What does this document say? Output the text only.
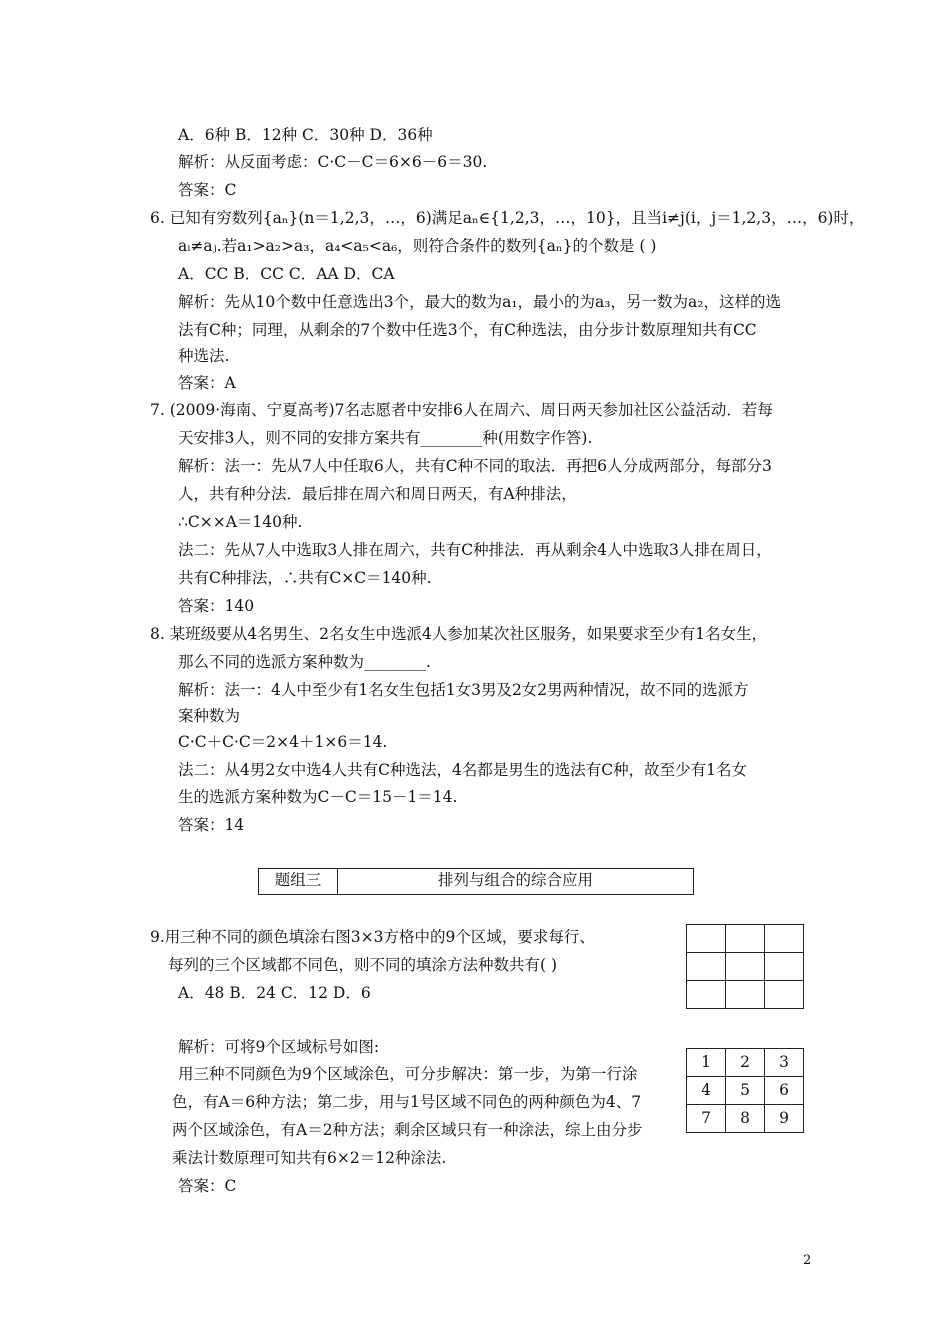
A．6种 B．12种 C．30种 D．36种
解析：从反面考虑：C·C－C＝6×6－6＝30.
答案：C
6. 已知有穷数列{aₙ}(n＝1,2,3，…，6)满足aₙ∈{1,2,3，…，10}，且当i≠j(i，j＝1,2,3，…，6)时，
aᵢ≠aⱼ.若a₁>a₂>a₃，a₄<a₅<a₆，则符合条件的数列{aₙ}的个数是 ( )
A．CC B．CC C．AA D．CA
解析：先从10个数中任意选出3个，最大的数为a₁，最小的为a₃，另一数为a₂，这样的选
法有C种；同理，从剩余的7个数中任选3个，有C种选法，由分步计数原理知共有CC
种选法.
答案：A
7. (2009·海南、宁夏高考)7名志愿者中安排6人在周六、周日两天参加社区公益活动．若每
天安排3人，则不同的安排方案共有________种(用数字作答).
解析：法一：先从7人中任取6人，共有C种不同的取法．再把6人分成两部分，每部分3
人，共有种分法．最后排在周六和周日两天，有A种排法，
∴C××A＝140种.
法二：先从7人中选取3人排在周六，共有C种排法．再从剩余4人中选取3人排在周日，
共有C种排法，∴共有C×C＝140种.
答案：140
8. 某班级要从4名男生、2名女生中选派4人参加某次社区服务，如果要求至少有1名女生，
那么不同的选派方案种数为________.
解析：法一：4人中至少有1名女生包括1女3男及2女2男两种情况，故不同的选派方
案种数为
C·C＋C·C＝2×4＋1×6＝14.
法二：从4男2女中选4人共有C种选法，4名都是男生的选法有C种，故至少有1名女
生的选派方案种数为C－C＝15－1＝14.
答案：14
题组三	排列与组合的综合应用
9.用三种不同的颜色填涂右图3×3方格中的9个区域，要求每行、
每列的三个区域都不同色，则不同的填涂方法种数共有( )
A．48 B．24 C．12 D．6

解析：可将9个区域标号如图:
用三种不同颜色为9个区域涂色，可分步解决：第一步，为第一行涂
色，有A＝6种方法；第二步，用与1号区域不同色的两种颜色为4、7
两个区域涂色，有A＝2种方法；剩余区域只有一种涂法，综上由分步
乘法计数原理可知共有6×2＝12种涂法.
答案：C
1	2	3
4	5	6
7	8	9
2
